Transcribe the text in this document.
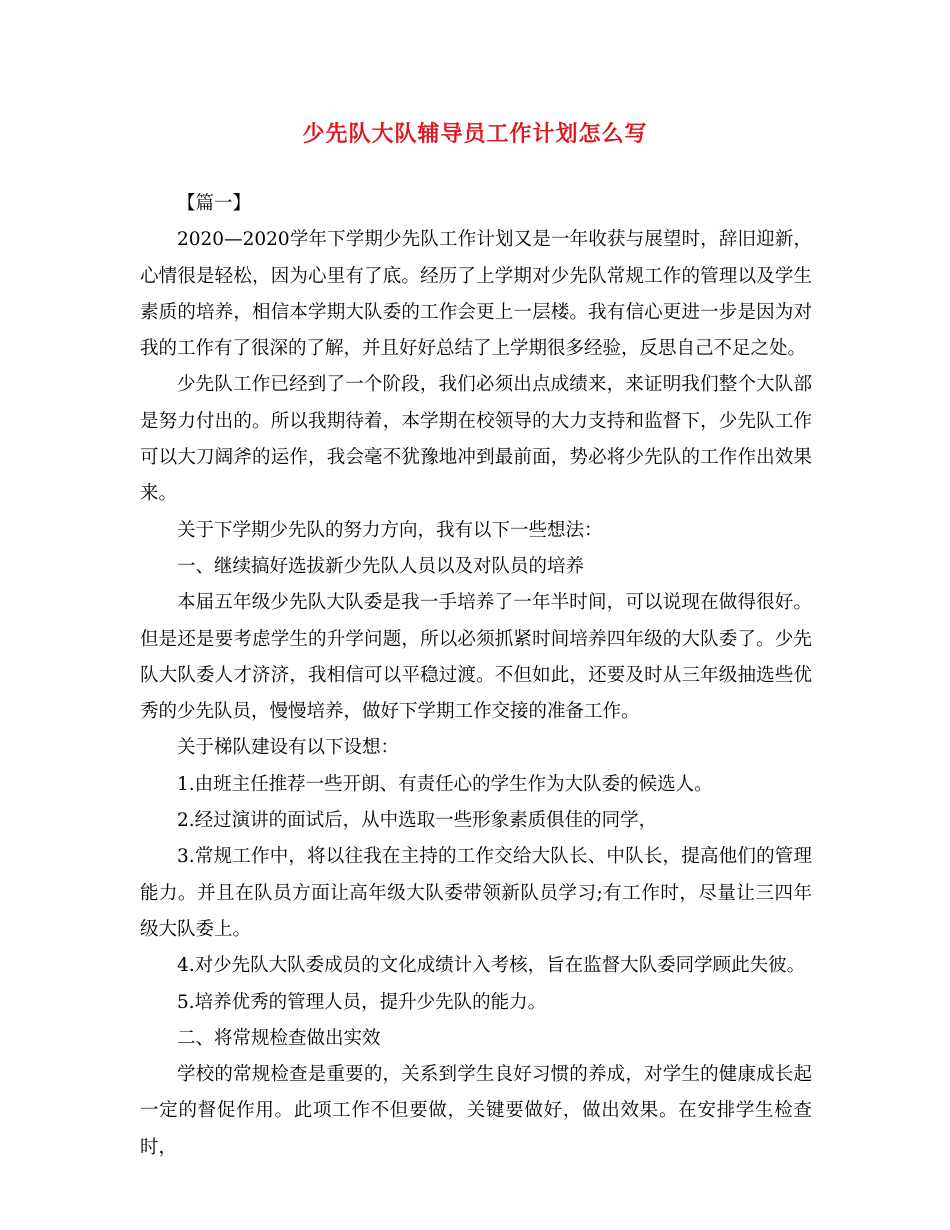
少先队大队辅导员工作计划怎么写

【篇一】

2020—2020学年下学期少先队工作计划又是一年收获与展望时，辞旧迎新，心情很是轻松，因为心里有了底。经历了上学期对少先队常规工作的管理以及学生素质的培养，相信本学期大队委的工作会更上一层楼。我有信心更进一步是因为对我的工作有了很深的了解，并且好好总结了上学期很多经验，反思自己不足之处。

少先队工作已经到了一个阶段，我们必须出点成绩来，来证明我们整个大队部是努力付出的。所以我期待着，本学期在校领导的大力支持和监督下，少先队工作可以大刀阔斧的运作，我会毫不犹豫地冲到最前面，势必将少先队的工作作出效果来。

关于下学期少先队的努力方向，我有以下一些想法：

一、继续搞好选拔新少先队人员以及对队员的培养

本届五年级少先队大队委是我一手培养了一年半时间，可以说现在做得很好。但是还是要考虑学生的升学问题，所以必须抓紧时间培养四年级的大队委了。少先队大队委人才济济，我相信可以平稳过渡。不但如此，还要及时从三年级抽选些优秀的少先队员，慢慢培养，做好下学期工作交接的准备工作。

关于梯队建设有以下设想：

1.由班主任推荐一些开朗、有责任心的学生作为大队委的候选人。

2.经过演讲的面试后，从中选取一些形象素质俱佳的同学，

3.常规工作中，将以往我在主持的工作交给大队长、中队长，提高他们的管理能力。并且在队员方面让高年级大队委带领新队员学习;有工作时，尽量让三四年级大队委上。

4.对少先队大队委成员的文化成绩计入考核，旨在监督大队委同学顾此失彼。

5.培养优秀的管理人员，提升少先队的能力。

二、将常规检查做出实效

学校的常规检查是重要的，关系到学生良好习惯的养成，对学生的健康成长起一定的督促作用。此项工作不但要做，关键要做好，做出效果。在安排学生检查时，
